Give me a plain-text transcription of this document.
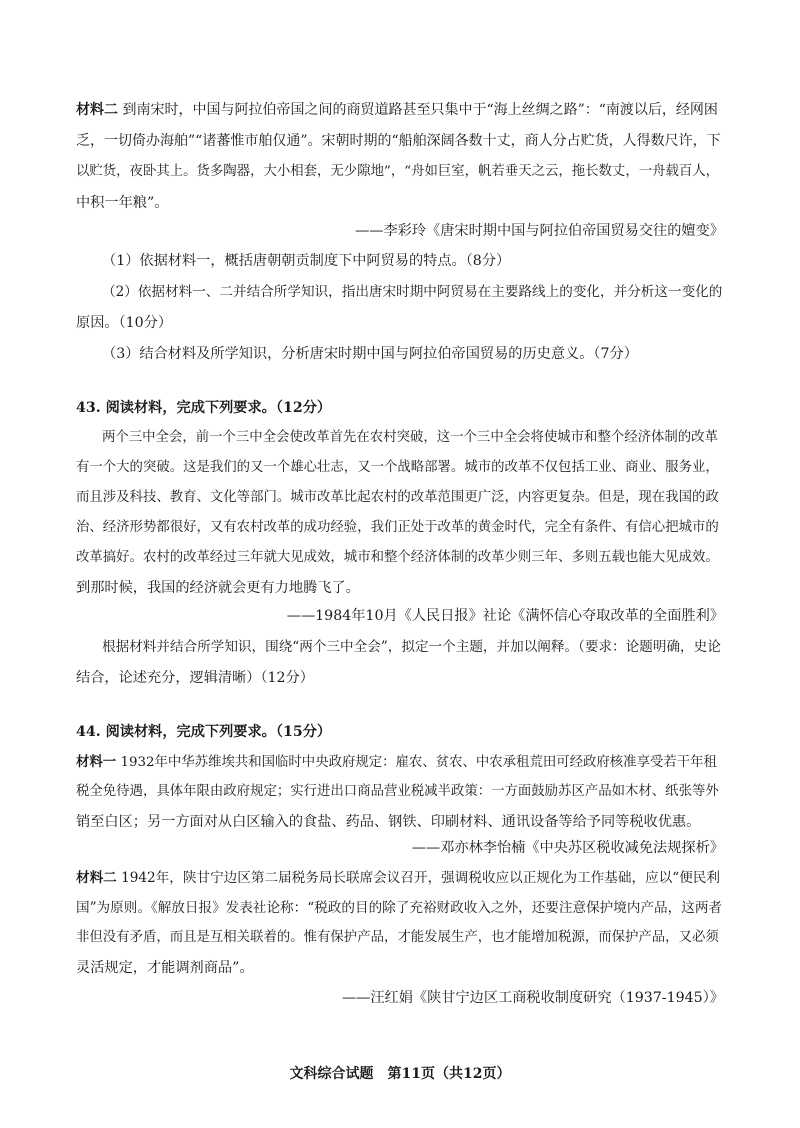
材料二 到南宋时，中国与阿拉伯帝国之间的商贸道路甚至只集中于“海上丝绸之路”：“南渡以后，经网困
乏，一切倚办海舶”“诸蕃惟市舶仅通”。宋朝时期的“船舶深阔各数十丈，商人分占贮货，人得数尺许，下
以贮货，夜卧其上。货多陶器，大小相套，无少隙地”，“舟如巨室，帆若垂天之云，拖长数丈，一舟载百人，
中积一年粮”。
——李彩玲《唐宋时期中国与阿拉伯帝国贸易交往的嬗变》
（1）依据材料一，概括唐朝朝贡制度下中阿贸易的特点。（8分）
（2）依据材料一、二并结合所学知识，指出唐宋时期中阿贸易在主要路线上的变化，并分析这一变化的
原因。（10分）
（3）结合材料及所学知识，分析唐宋时期中国与阿拉伯帝国贸易的历史意义。（7分）
43. 阅读材料，完成下列要求。（12分）
两个三中全会，前一个三中全会使改革首先在农村突破，这一个三中全会将使城市和整个经济体制的改革
有一个大的突破。这是我们的又一个雄心壮志，又一个战略部署。城市的改革不仅包括工业、商业、服务业，
而且涉及科技、教育、文化等部门。城市改革比起农村的改革范围更广泛，内容更复杂。但是，现在我国的政
治、经济形势都很好，又有农村改革的成功经验，我们正处于改革的黄金时代，完全有条件、有信心把城市的
改革搞好。农村的改革经过三年就大见成效，城市和整个经济体制的改革少则三年、多则五载也能大见成效。
到那时候，我国的经济就会更有力地腾飞了。
——1984年10月《人民日报》社论《满怀信心夺取改革的全面胜利》
根据材料并结合所学知识，围绕“两个三中全会”，拟定一个主题，并加以阐释。（要求：论题明确，史论
结合，论述充分，逻辑清晰）（12分）
44. 阅读材料，完成下列要求。（15分）
材料一 1932年中华苏维埃共和国临时中央政府规定：雇农、贫农、中农承租荒田可经政府核准享受若干年租
税全免待遇，具体年限由政府规定；实行进出口商品营业税减半政策：一方面鼓励苏区产品如木材、纸张等外
销至白区；另一方面对从白区输入的食盐、药品、钢铁、印刷材料、通讯设备等给予同等税收优惠。
——邓亦林李怡楠《中央苏区税收减免法规探析》
材料二 1942年，陕甘宁边区第二届税务局长联席会议召开，强调税收应以正规化为工作基础，应以“便民利
国”为原则。《解放日报》发表社论称：“税政的目的除了充裕财政收入之外，还要注意保护境内产品，这两者
非但没有矛盾，而且是互相关联着的。惟有保护产品，才能发展生产，也才能增加税源，而保护产品，又必须
灵活规定，才能调剂商品”。
——汪红娟《陕甘宁边区工商税收制度研究（1937-1945）》
文科综合试题　第11页（共12页）
